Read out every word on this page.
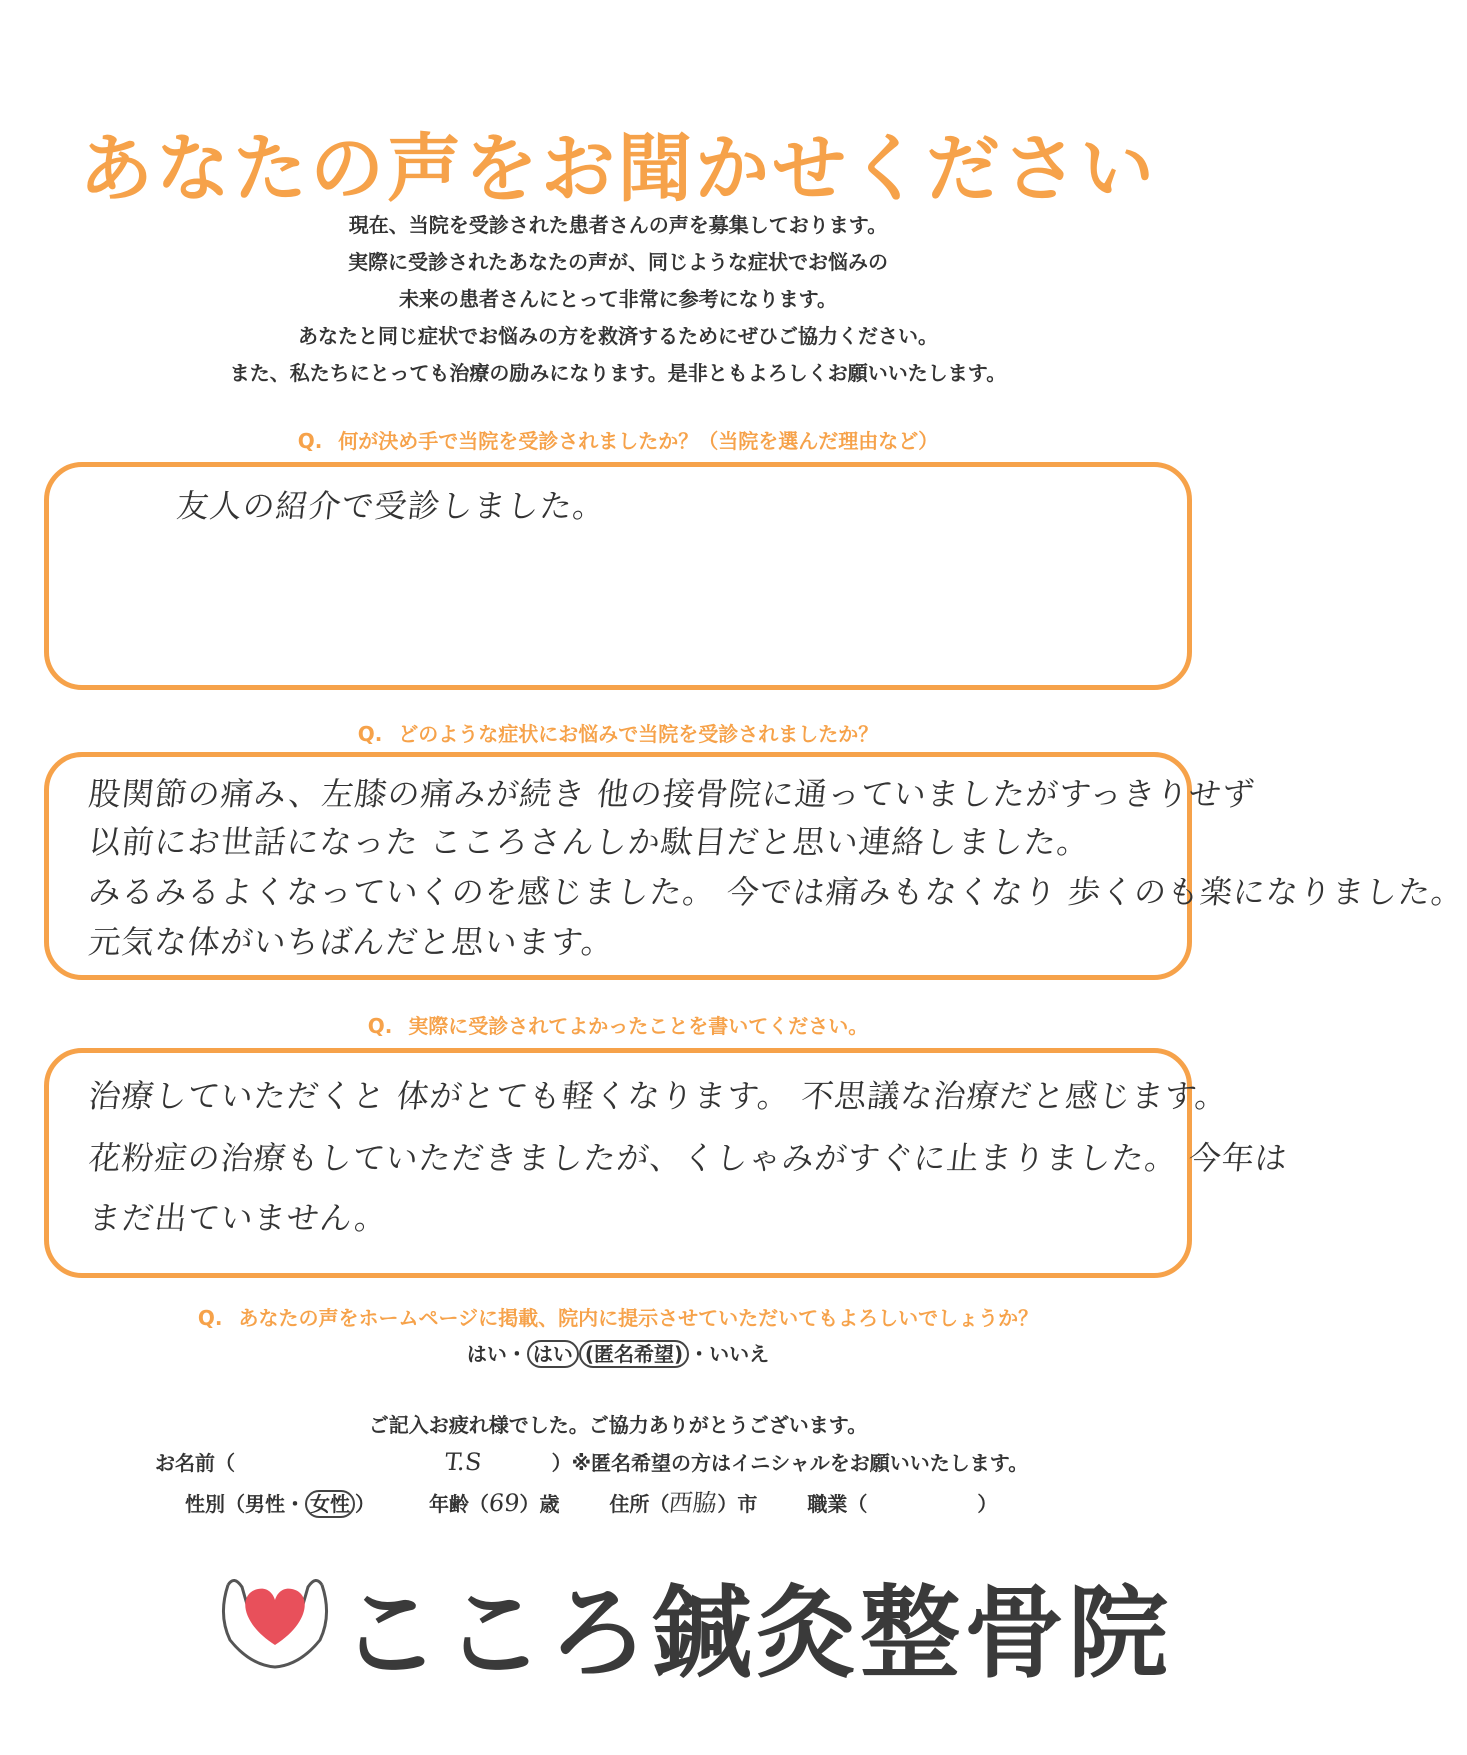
あなたの声をお聞かせください
現在、当院を受診された患者さんの声を募集しております。
実際に受診されたあなたの声が、同じような症状でお悩みの
未来の患者さんにとって非常に参考になります。
あなたと同じ症状でお悩みの方を救済するためにぜひご協力ください。
また、私たちにとっても治療の励みになります。是非ともよろしくお願いいたします。
Q. 何が決め手で当院を受診されましたか？（当院を選んだ理由など）
友人の紹介で受診しました。
Q. どのような症状にお悩みで当院を受診されましたか？
股関節の痛み、左膝の痛みが続き 他の接骨院に通っていましたがすっきりせず
以前にお世話になった こころさんしか駄目だと思い連絡しました。
みるみるよくなっていくのを感じました。 今では痛みもなくなり 歩くのも楽になりました。
元気な体がいちばんだと思います。
Q. 実際に受診されてよかったことを書いてください。
治療していただくと 体がとても軽くなります。 不思議な治療だと感じます。
花粉症の治療もしていただきましたが、くしゃみがすぐに止まりました。 今年は
まだ出ていません。
Q. あなたの声をホームページに掲載、院内に提示させていただいてもよろしいでしょうか？
はい・ はい (匿名希望) ・いいえ
ご記入お疲れ様でした。ご協力ありがとうございます。
お名前（	T.S	）※匿名希望の方はイニシャルをお願いいたします。
性別（男性・ 女性 ）	年齢（69）歳 住所（西脇）市 職業（	）
こころ鍼灸整骨院
